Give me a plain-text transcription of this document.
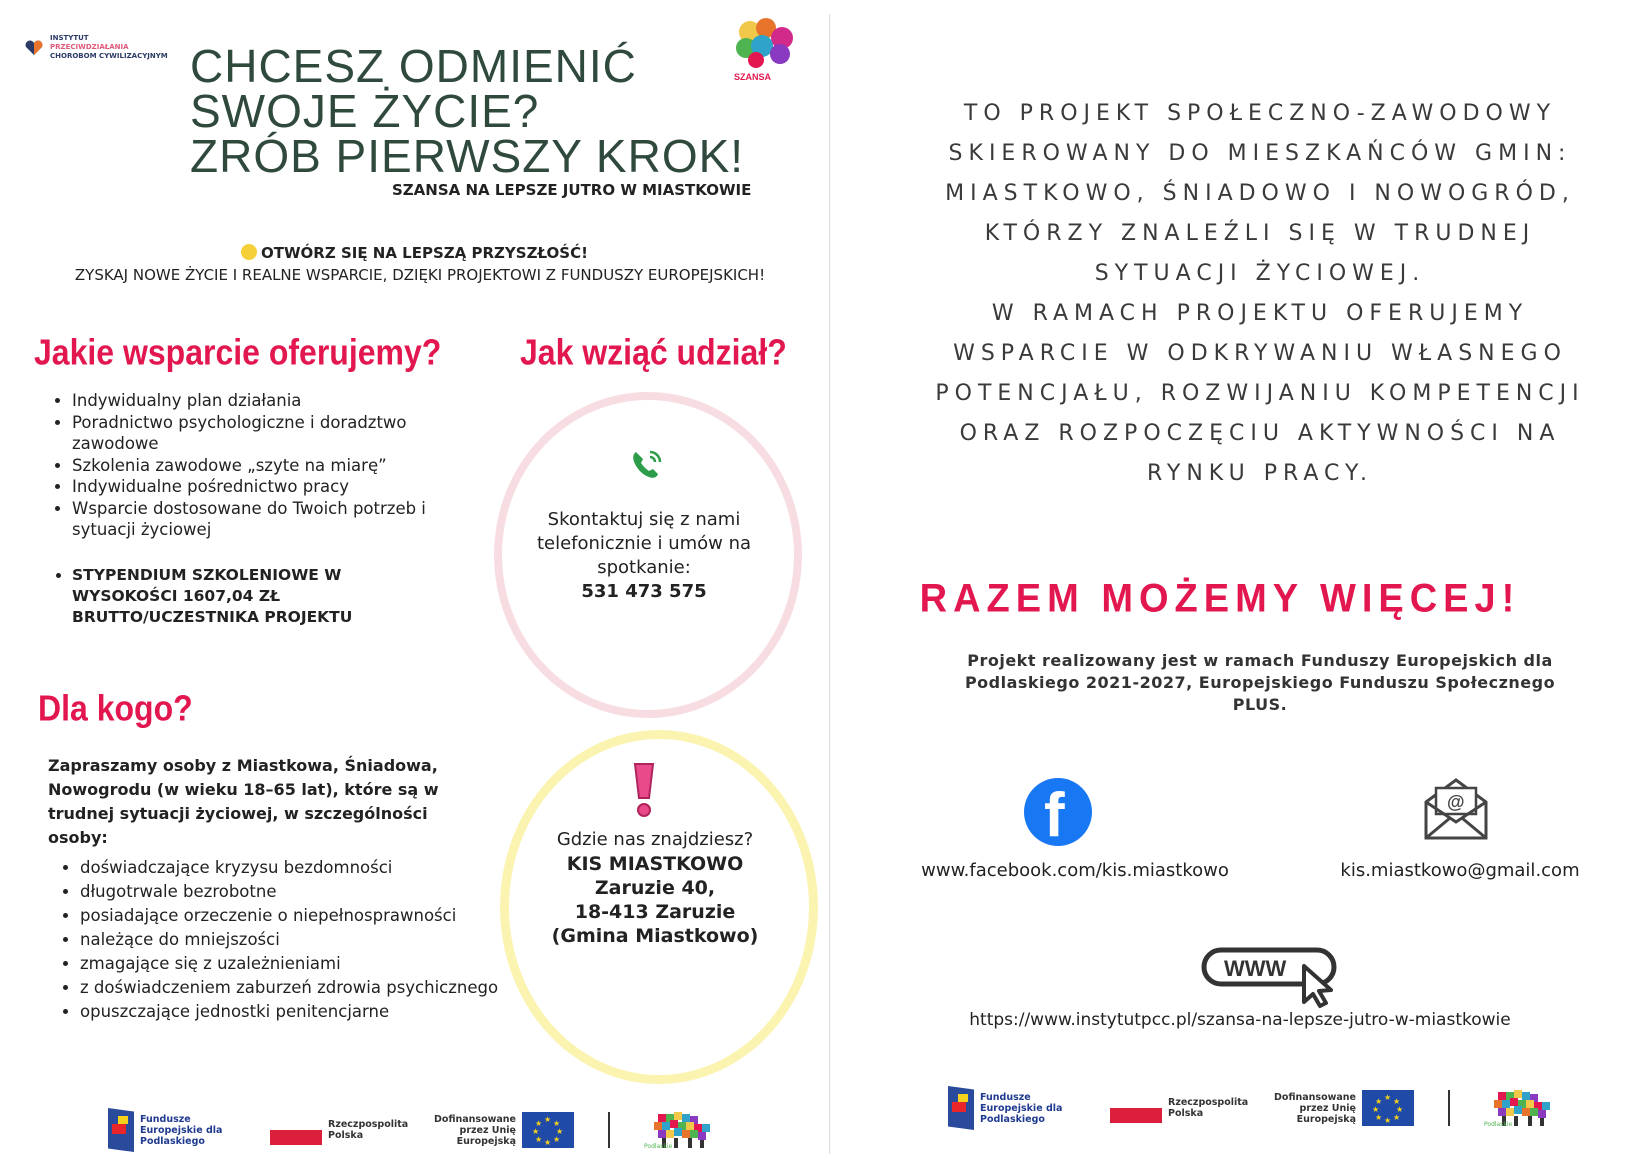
INSTYTUT PRZECIWDZIAŁANIA
CHOROBOM CYWILIZACYJNYM
SZANSA
CHCESZ ODMIENIĆ
SWOJE ŻYCIE?
ZRÓB PIERWSZY KROK!
SZANSA NA LEPSZE JUTRO W MIASTKOWIE
OTWÓRZ SIĘ NA LEPSZĄ PRZYSZŁOŚĆ!
ZYSKAJ NOWE ŻYCIE I REALNE WSPARCIE, DZIĘKI PROJEKTOWI Z FUNDUSZY EUROPEJSKICH!
Jakie wsparcie oferujemy?
• Indywidualny plan działania
• Poradnictwo psychologiczne i doradztwo zawodowe
• Szkolenia zawodowe „szyte na miarę”
• Indywidualne pośrednictwo pracy
• Wsparcie dostosowane do Twoich potrzeb i sytuacji życiowej
• STYPENDIUM SZKOLENIOWE W WYSOKOŚCI 1607,04 ZŁ BRUTTO/UCZESTNIKA PROJEKTU
Jak wziąć udział?
Skontaktuj się z nami telefonicznie i umów na spotkanie:
531 473 575
Dla kogo?
Zapraszamy osoby z Miastkowa, Śniadowa, Nowogrodu (w wieku 18–65 lat), które są w trudnej sytuacji życiowej, w szczególności osoby:
• doświadczające kryzysu bezdomności
• długotrwale bezrobotne
• posiadające orzeczenie o niepełnosprawności
• należące do mniejszości
• zmagające się z uzależnieniami
• z doświadczeniem zaburzeń zdrowia psychicznego
• opuszczające jednostki penitencjarne
Gdzie nas znajdziesz?
KIS MIASTKOWO
Zaruzie 40,
18-413 Zaruzie
(Gmina Miastkowo)
Fundusze Europejskie dla Podlaskiego
Rzeczpospolita Polska
Dofinansowane przez Unię Europejską
★ ★
★
★
★
★
★
★
Podlaskie
TO PROJEKT SPOŁECZNO-ZAWODOWY
SKIEROWANY DO MIESZKAŃCÓW GMIN:
MIASTKOWO, ŚNIADOWO I NOWOGRÓD,
KTÓRZY ZNALEŹLI SIĘ W TRUDNEJ
SYTUACJI ŻYCIOWEJ.
W RAMACH PROJEKTU OFERUJEMY
WSPARCIE W ODKRYWANIU WŁASNEGO
POTENCJAŁU, ROZWIJANIU KOMPETENCJI
ORAZ ROZPOCZĘCIU AKTYWNOŚCI NA
RYNKU PRACY.
RAZEM MOŻEMY WIĘCEJ!
Projekt realizowany jest w ramach Funduszy Europejskich dla Podlaskiego 2021-2027, Europejskiego Funduszu Społecznego PLUS.
f
www.facebook.com/kis.miastkowo
@
kis.miastkowo@gmail.com
WWW
https://www.instytutpcc.pl/szansa-na-lepsze-jutro-w-miastkowie
Fundusze Europejskie dla Podlaskiego
Rzeczpospolita Polska
Dofinansowane przez Unię Europejską
★ ★
★
★
★
★
★
★
Podlaskie
